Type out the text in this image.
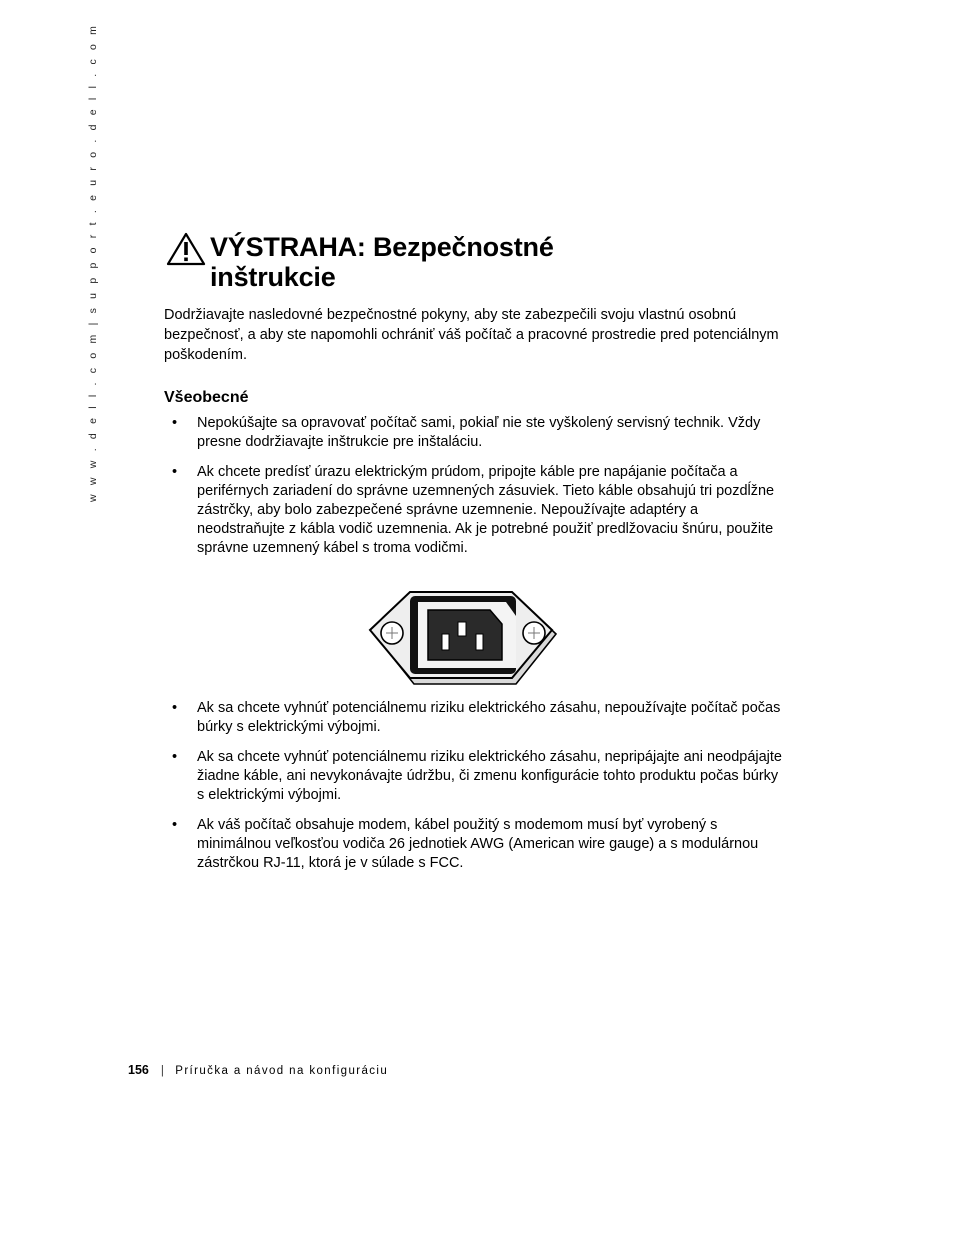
w w w . d e l l . c o m | s u p p o r t . e u r o . d e l l . c o m	VÝSTRAHA: Bezpečnostné
inštrukcie

Dodržiavajte nasledovné bezpečnostné pokyny, aby ste zabezpečili svoju vlastnú osobnú bezpečnosť, a aby ste napomohli ochrániť váš počítač a pracovné prostredie pred potenciálnym poškodením.

Všeobecné
• Nepokúšajte sa opravovať počítač sami, pokiaľ nie ste vyškolený servisný technik. Vždy presne dodržiavajte inštrukcie pre inštaláciu.
• Ak chcete predísť úrazu elektrickým prúdom, pripojte káble pre napájanie počítača a periférnych zariadení do správne uzemnených zásuviek. Tieto káble obsahujú tri pozdĺžne zástrčky, aby bolo zabezpečené správne uzemnenie. Nepoužívajte adaptéry a neodstraňujte z kábla vodič uzemnenia. Ak je potrebné použiť predlžovaciu šnúru, použite správne uzemnený kábel s troma vodičmi.
• Ak sa chcete vyhnúť potenciálnemu riziku elektrického zásahu, nepoužívajte počítač počas búrky s elektrickými výbojmi.
• Ak sa chcete vyhnúť potenciálnemu riziku elektrického zásahu, nepripájajte ani neodpájajte žiadne káble, ani nevykonávajte údržbu, či zmenu konfigurácie tohto produktu počas búrky s elektrickými výbojmi.
• Ak váš počítač obsahuje modem, kábel použitý s modemom musí byť vyrobený s minimálnou veľkosťou vodiča 26 jednotiek AWG (American wire gauge) a s modulárnou zástrčkou RJ-11, ktorá je v súlade s FCC.
156 | Príručka a návod na konfiguráciu
